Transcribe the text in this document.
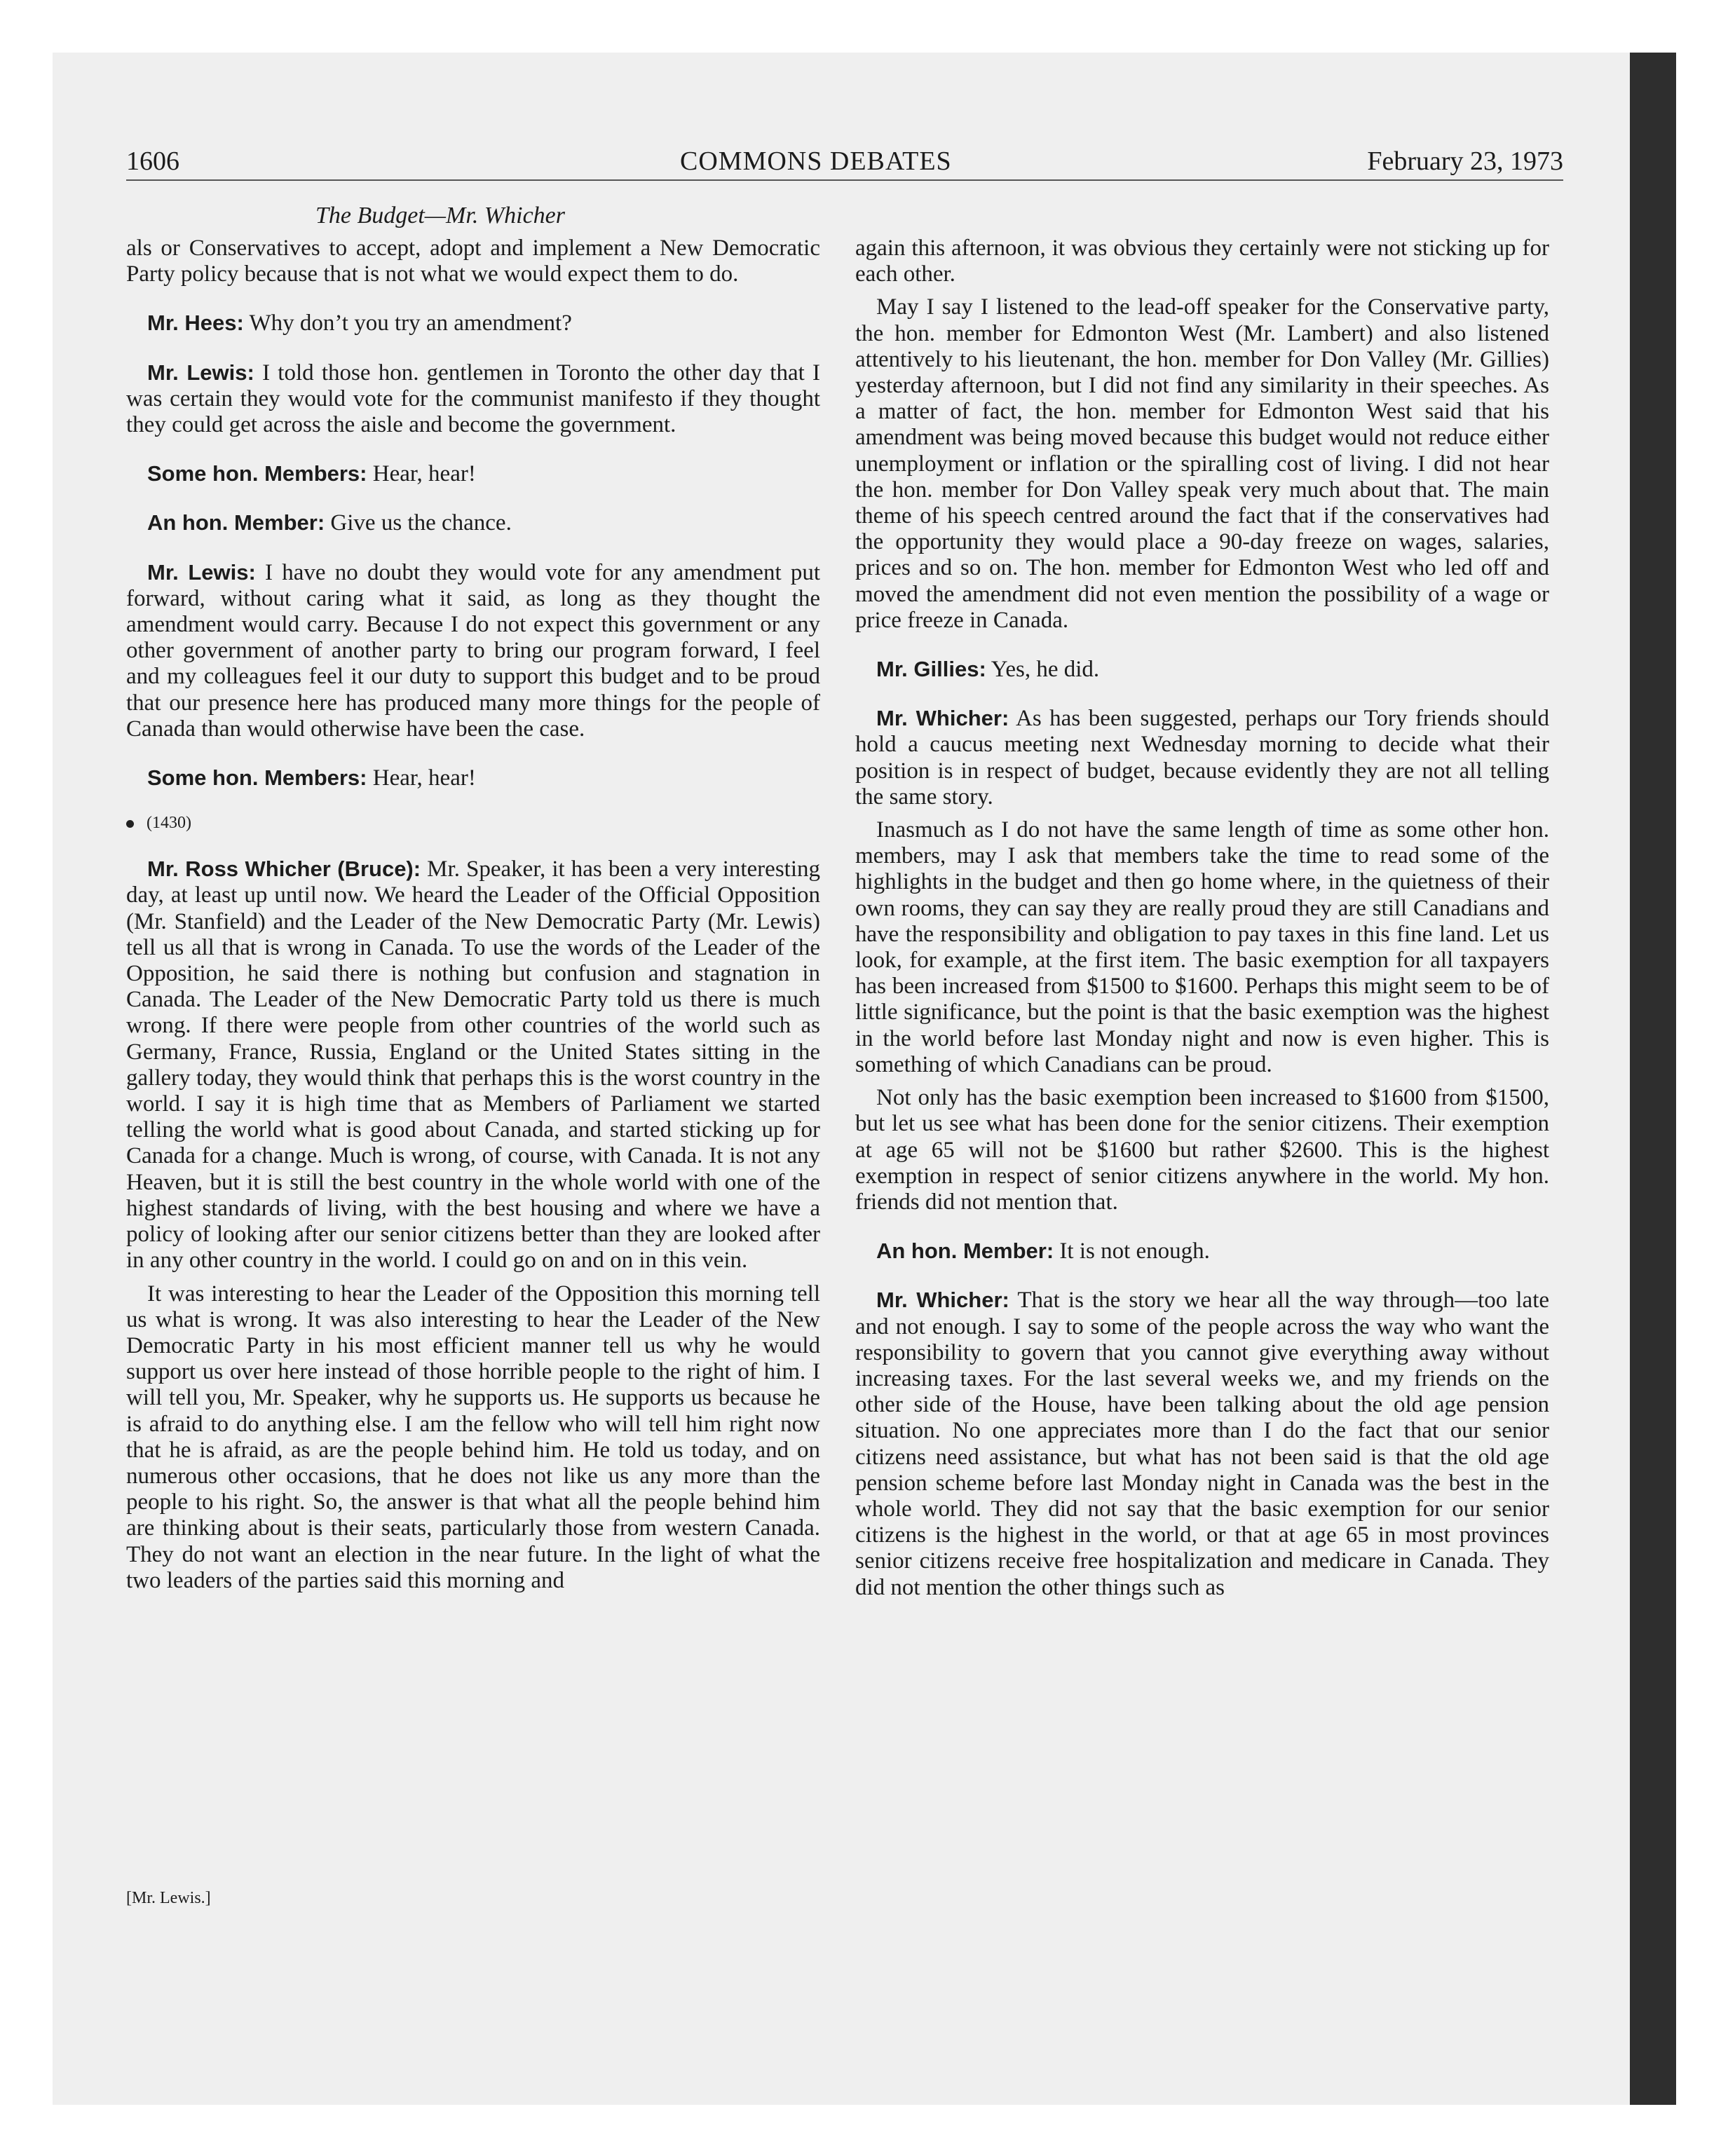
1606	COMMONS DEBATES	February 23, 1973
The Budget—Mr. Whicher

als or Conservatives to accept, adopt and implement a New Democratic Party policy because that is not what we would expect them to do.

Mr. Hees: Why don’t you try an amendment?

Mr. Lewis: I told those hon. gentlemen in Toronto the other day that I was certain they would vote for the communist manifesto if they thought they could get across the aisle and become the government.

Some hon. Members: Hear, hear!

An hon. Member: Give us the chance.

Mr. Lewis: I have no doubt they would vote for any amendment put forward, without caring what it said, as long as they thought the amendment would carry. Because I do not expect this government or any other government of another party to bring our program forward, I feel and my colleagues feel it our duty to support this budget and to be proud that our presence here has produced many more things for the people of Canada than would otherwise have been the case.

Some hon. Members: Hear, hear!

(1430)

Mr. Ross Whicher (Bruce): Mr. Speaker, it has been a very interesting day, at least up until now. We heard the Leader of the Official Opposition (Mr. Stanfield) and the Leader of the New Democratic Party (Mr. Lewis) tell us all that is wrong in Canada. To use the words of the Leader of the Opposition, he said there is nothing but confusion and stagnation in Canada. The Leader of the New Democratic Party told us there is much wrong. If there were people from other countries of the world such as Germany, France, Russia, England or the United States sitting in the gallery today, they would think that perhaps this is the worst country in the world. I say it is high time that as Members of Parliament we started telling the world what is good about Canada, and started sticking up for Canada for a change. Much is wrong, of course, with Canada. It is not any Heaven, but it is still the best country in the whole world with one of the highest standards of living, with the best housing and where we have a policy of looking after our senior citizens better than they are looked after in any other country in the world. I could go on and on in this vein.

It was interesting to hear the Leader of the Opposition this morning tell us what is wrong. It was also interesting to hear the Leader of the New Democratic Party in his most efficient manner tell us why he would support us over here instead of those horrible people to the right of him. I will tell you, Mr. Speaker, why he supports us. He supports us because he is afraid to do anything else. I am the fellow who will tell him right now that he is afraid, as are the people behind him. He told us today, and on numerous other occasions, that he does not like us any more than the people to his right. So, the answer is that what all the people behind him are thinking about is their seats, particularly those from western Canada. They do not want an election in the near future. In the light of what the two leaders of the parties said this morning and

again this afternoon, it was obvious they certainly were not sticking up for each other.

May I say I listened to the lead-off speaker for the Conservative party, the hon. member for Edmonton West (Mr. Lambert) and also listened attentively to his lieutenant, the hon. member for Don Valley (Mr. Gillies) yesterday afternoon, but I did not find any similarity in their speeches. As a matter of fact, the hon. member for Edmonton West said that his amendment was being moved because this budget would not reduce either unemployment or inflation or the spiralling cost of living. I did not hear the hon. member for Don Valley speak very much about that. The main theme of his speech centred around the fact that if the conservatives had the opportunity they would place a 90-day freeze on wages, salaries, prices and so on. The hon. member for Edmonton West who led off and moved the amendment did not even mention the possibility of a wage or price freeze in Canada.

Mr. Gillies: Yes, he did.

Mr. Whicher: As has been suggested, perhaps our Tory friends should hold a caucus meeting next Wednesday morning to decide what their position is in respect of budget, because evidently they are not all telling the same story.

Inasmuch as I do not have the same length of time as some other hon. members, may I ask that members take the time to read some of the highlights in the budget and then go home where, in the quietness of their own rooms, they can say they are really proud they are still Canadians and have the responsibility and obligation to pay taxes in this fine land. Let us look, for example, at the first item. The basic exemption for all taxpayers has been increased from $1500 to $1600. Perhaps this might seem to be of little significance, but the point is that the basic exemption was the highest in the world before last Monday night and now is even higher. This is something of which Canadians can be proud.

Not only has the basic exemption been increased to $1600 from $1500, but let us see what has been done for the senior citizens. Their exemption at age 65 will not be $1600 but rather $2600. This is the highest exemption in respect of senior citizens anywhere in the world. My hon. friends did not mention that.

An hon. Member: It is not enough.

Mr. Whicher: That is the story we hear all the way through—too late and not enough. I say to some of the people across the way who want the responsibility to govern that you cannot give everything away without increasing taxes. For the last several weeks we, and my friends on the other side of the House, have been talking about the old age pension situation. No one appreciates more than I do the fact that our senior citizens need assistance, but what has not been said is that the old age pension scheme before last Monday night in Canada was the best in the whole world. They did not say that the basic exemption for our senior citizens is the highest in the world, or that at age 65 in most provinces senior citizens receive free hospitalization and medicare in Canada. They did not mention the other things such as

[Mr. Lewis.]
